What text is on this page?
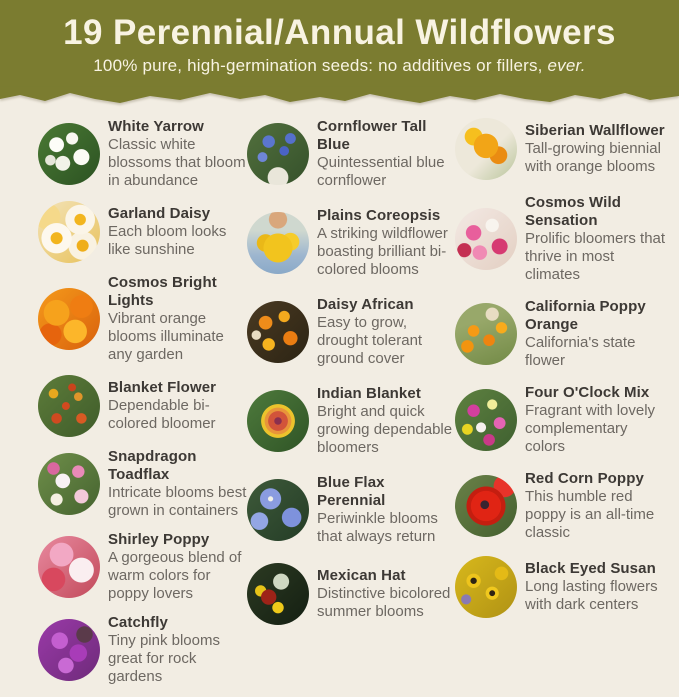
19 Perennial/Annual Wildflowers

100% pure, high-germination seeds: no additives or fillers, ever.

White Yarrow
Classic white blossoms that bloom in abundance
Garland Daisy
Each bloom looks like sunshine
Cosmos Bright Lights
Vibrant orange blooms illuminate any garden
Blanket Flower
Dependable bi-colored bloomer
Snapdragon Toadflax
Intricate blooms best grown in containers
Shirley Poppy
A gorgeous blend of warm colors for poppy lovers
Catchfly
Tiny pink blooms great for rock gardens
Cornflower Tall Blue
Quintessential blue cornflower
Plains Coreopsis
A striking wildflower boasting brilliant bi-colored blooms
Daisy African
Easy to grow, drought tolerant ground cover
Indian Blanket
Bright and quick growing dependable bloomers
Blue Flax Perennial
Periwinkle blooms that always return
Mexican Hat
Distinctive bicolored summer blooms
Siberian Wallflower
Tall-growing biennial with orange blooms
Cosmos Wild Sensation
Prolific bloomers that thrive in most climates
California Poppy Orange
California's state flower
Four O'Clock Mix
Fragrant with lovely complementary colors
Red Corn Poppy
This humble red poppy is an all-time classic
Black Eyed Susan
Long lasting flowers with dark centers
